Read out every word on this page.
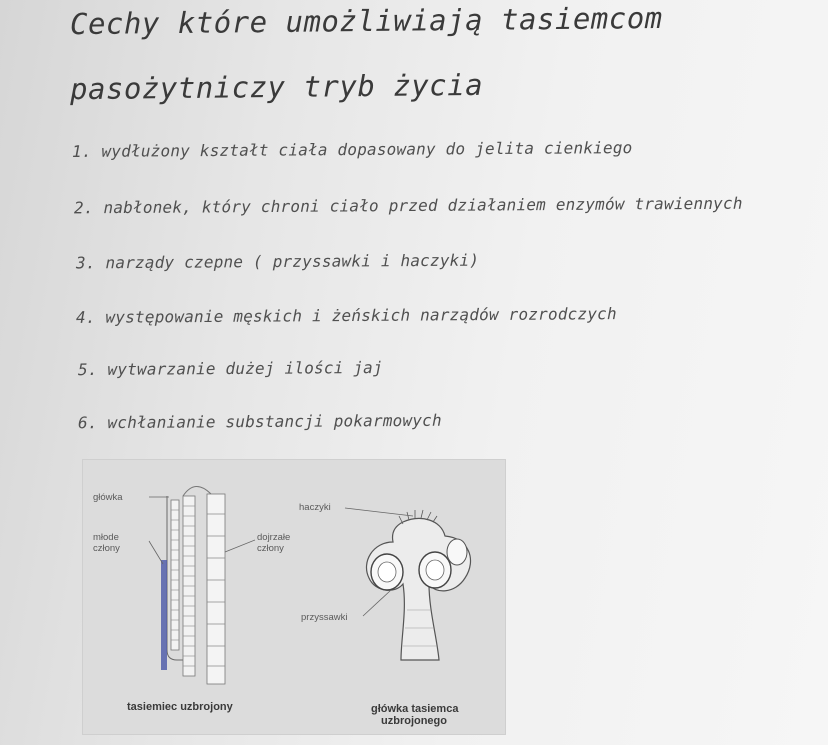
Cechy które umożliwiają tasiemcom
pasożytniczy tryb życia
1. wydłużony kształt ciała dopasowany do jelita cienkiego
2. nabłonek, który chroni ciało przed działaniem enzymów trawiennych
3. narządy czepne ( przyssawki i haczyki)
4. występowanie męskich i żeńskich narządów rozrodczych
5. wytwarzanie dużej ilości jaj
6. wchłanianie substancji pokarmowych
główka
młode
człony
dojrzałe
człony
haczyki
przyssawki
tasiemiec uzbrojony	główka tasiemca
uzbrojonego
